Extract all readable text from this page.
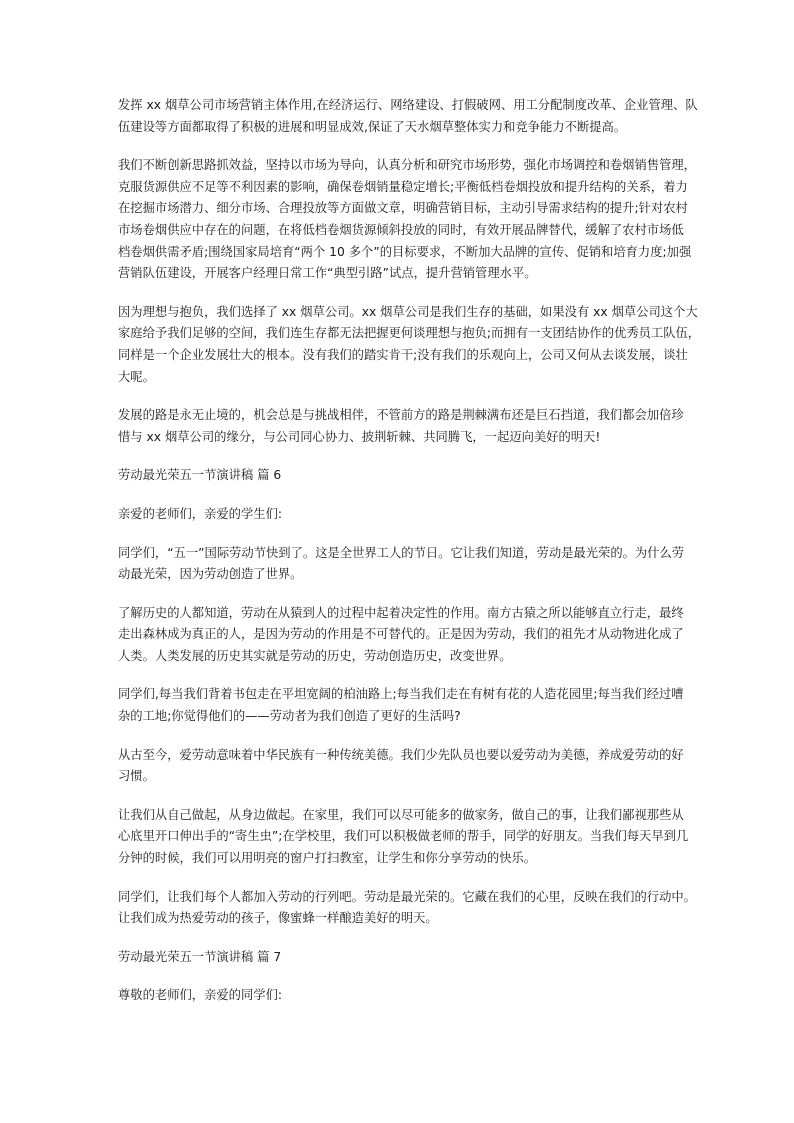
发挥 xx 烟草公司市场营销主体作用,在经济运行、网络建设、打假破网、用工分配制度改革、企业管理、队
伍建设等方面都取得了积极的进展和明显成效,保证了天水烟草整体实力和竞争能力不断提高。
我们不断创新思路抓效益，坚持以市场为导向，认真分析和研究市场形势，强化市场调控和卷烟销售管理，
克服货源供应不足等不利因素的影响，确保卷烟销量稳定增长;平衡低档卷烟投放和提升结构的关系，着力
在挖掘市场潜力、细分市场、合理投放等方面做文章，明确营销目标，主动引导需求结构的提升;针对农村
市场卷烟供应中存在的问题，在将低档卷烟货源倾斜投放的同时，有效开展品牌替代，缓解了农村市场低
档卷烟供需矛盾;围绕国家局培育“两个 10 多个”的目标要求，不断加大品牌的宣传、促销和培育力度;加强
营销队伍建设，开展客户经理日常工作“典型引路”试点，提升营销管理水平。
因为理想与抱负，我们选择了 xx 烟草公司。xx 烟草公司是我们生存的基础，如果没有 xx 烟草公司这个大
家庭给予我们足够的空间，我们连生存都无法把握更何谈理想与抱负;而拥有一支团结协作的优秀员工队伍，
同样是一个企业发展壮大的根本。没有我们的踏实肯干;没有我们的乐观向上，公司又何从去谈发展，谈壮
大呢。
发展的路是永无止境的，机会总是与挑战相伴，不管前方的路是荆棘满布还是巨石挡道，我们都会加倍珍
惜与 xx 烟草公司的缘分，与公司同心协力、披荆斩棘、共同腾飞，一起迈向美好的明天!
劳动最光荣五一节演讲稿 篇 6
亲爱的老师们，亲爱的学生们:
同学们，“五一”国际劳动节快到了。这是全世界工人的节日。它让我们知道，劳动是最光荣的。为什么劳
动最光荣，因为劳动创造了世界。
了解历史的人都知道，劳动在从猿到人的过程中起着决定性的作用。南方古猿之所以能够直立行走，最终
走出森林成为真正的人，是因为劳动的作用是不可替代的。正是因为劳动，我们的祖先才从动物进化成了
人类。人类发展的历史其实就是劳动的历史，劳动创造历史，改变世界。
同学们,每当我们背着书包走在平坦宽阔的柏油路上;每当我们走在有树有花的人造花园里;每当我们经过嘈
杂的工地;你觉得他们的——劳动者为我们创造了更好的生活吗?
从古至今，爱劳动意味着中华民族有一种传统美德。我们少先队员也要以爱劳动为美德，养成爱劳动的好
习惯。
让我们从自己做起，从身边做起。在家里，我们可以尽可能多的做家务，做自己的事，让我们鄙视那些从
心底里开口伸出手的“寄生虫”;在学校里，我们可以积极做老师的帮手，同学的好朋友。当我们每天早到几
分钟的时候，我们可以用明亮的窗户打扫教室，让学生和你分享劳动的快乐。
同学们，让我们每个人都加入劳动的行列吧。劳动是最光荣的。它藏在我们的心里，反映在我们的行动中。
让我们成为热爱劳动的孩子，像蜜蜂一样酿造美好的明天。
劳动最光荣五一节演讲稿 篇 7
尊敬的老师们，亲爱的同学们:
